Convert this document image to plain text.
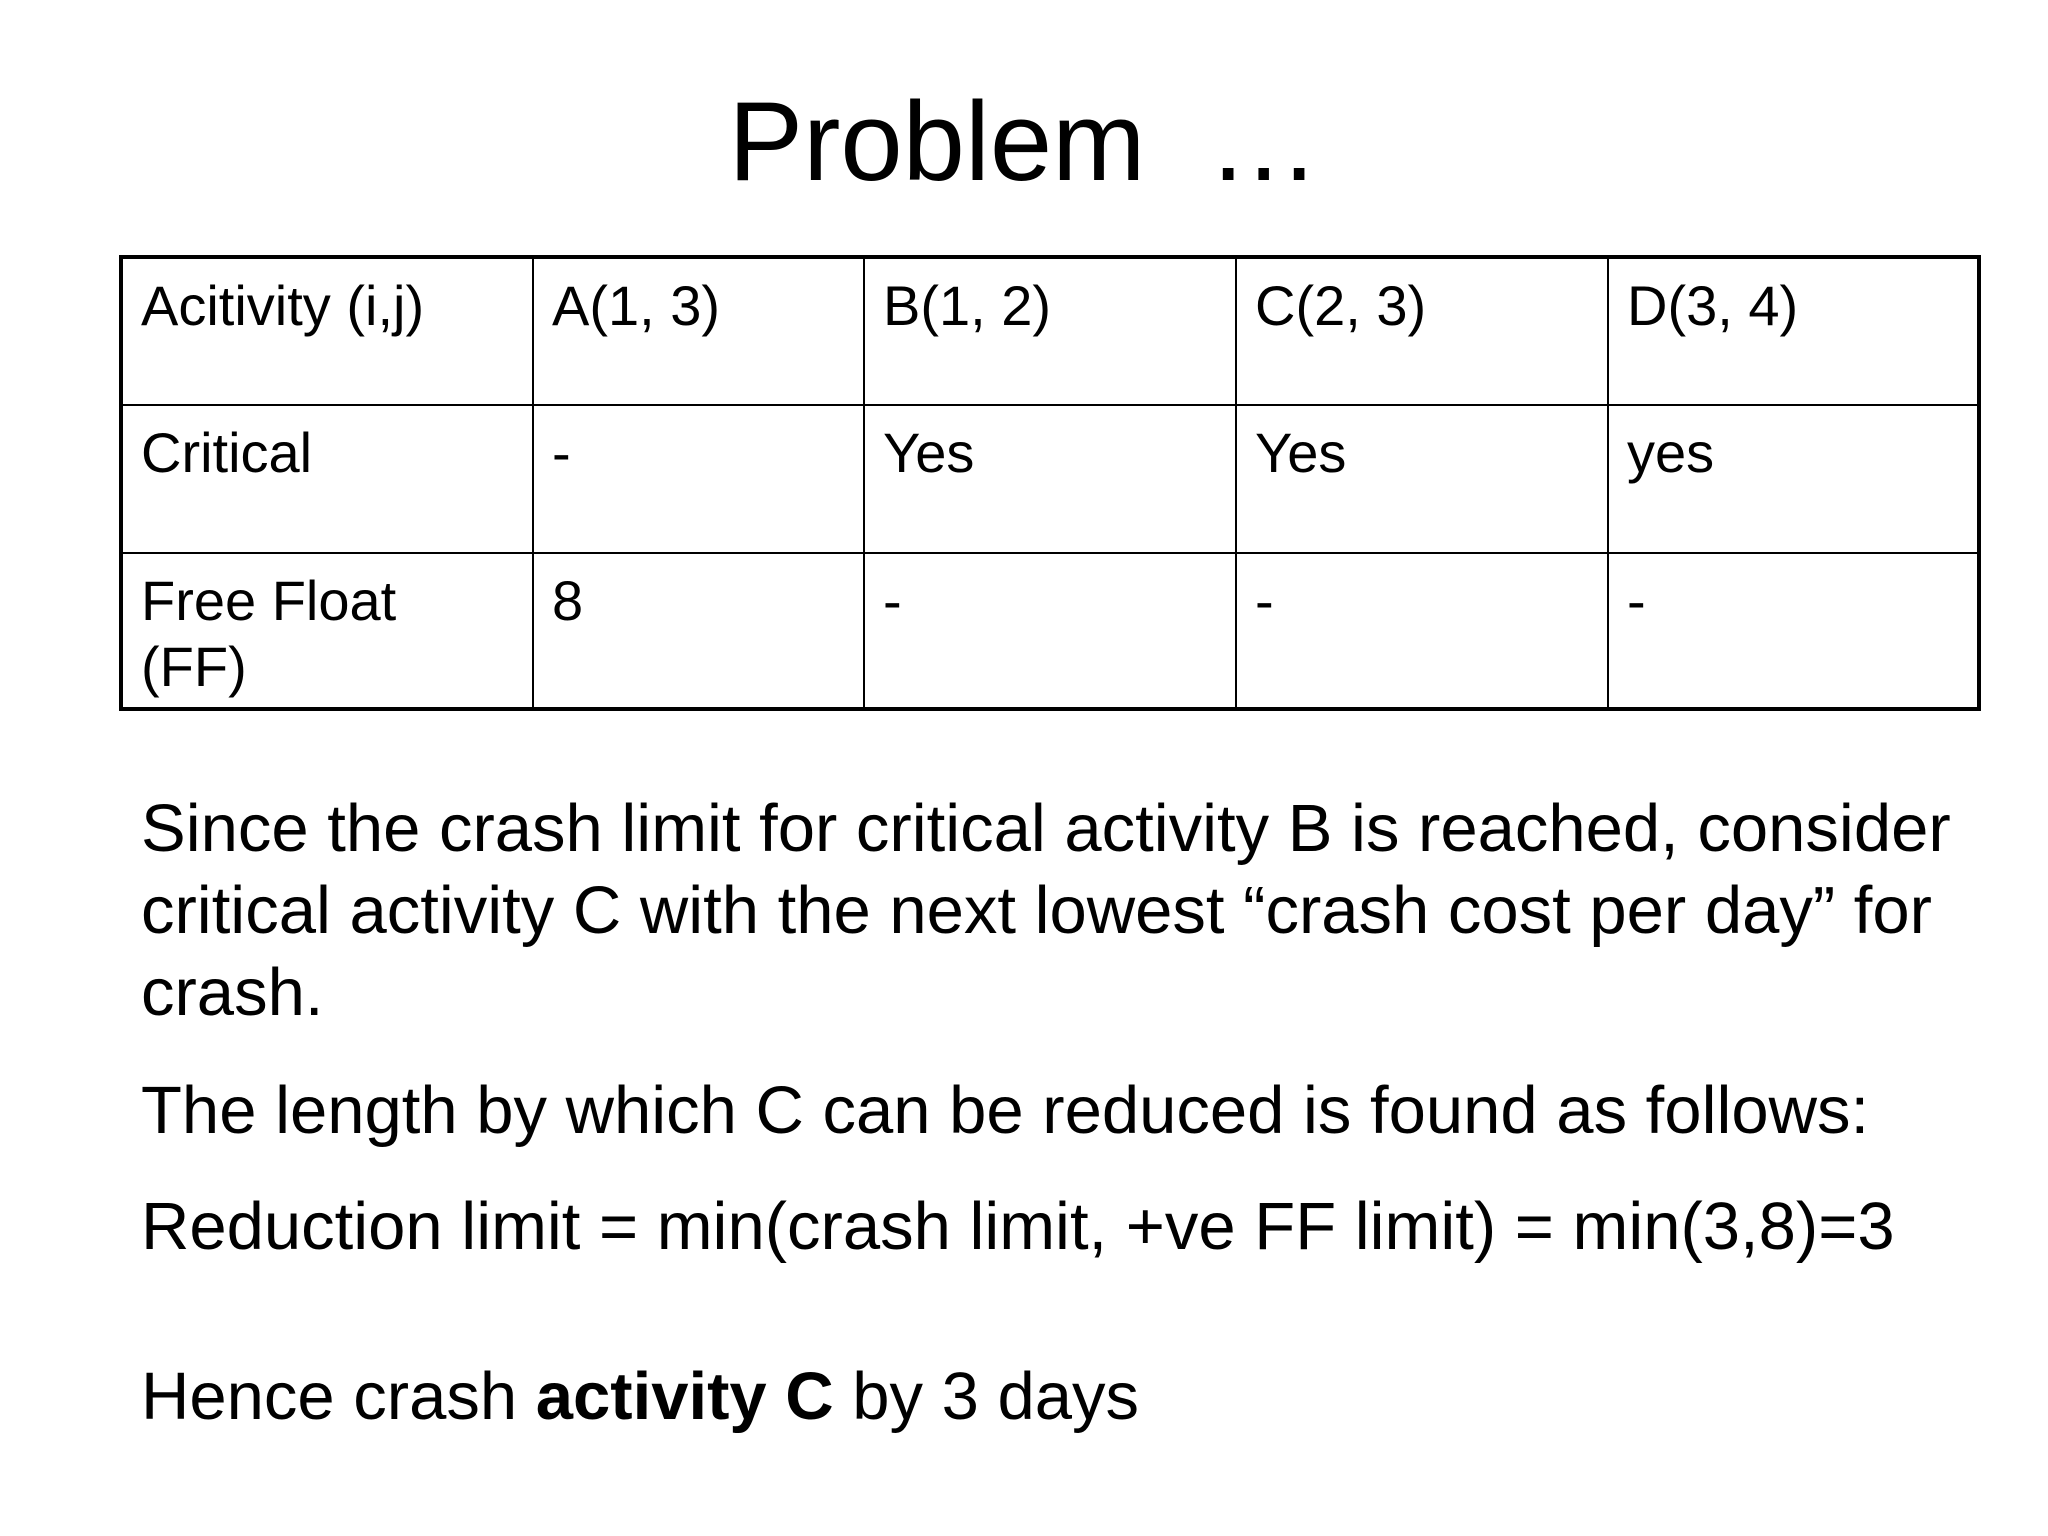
Problem  …
Acitivity (i,j)	A(1, 3)	B(1, 2)	C(2, 3)	D(3, 4)
Critical	-	Yes	Yes	yes
Free Float (FF)	8	-	-	-
Since the crash limit for critical activity B is reached, consider critical activity C with the next lowest “crash cost per day” for crash.
The length by which C can be reduced is found as follows:
Reduction limit = min(crash limit, +ve FF limit) = min(3,8)=3
Hence crash activity C by 3 days
